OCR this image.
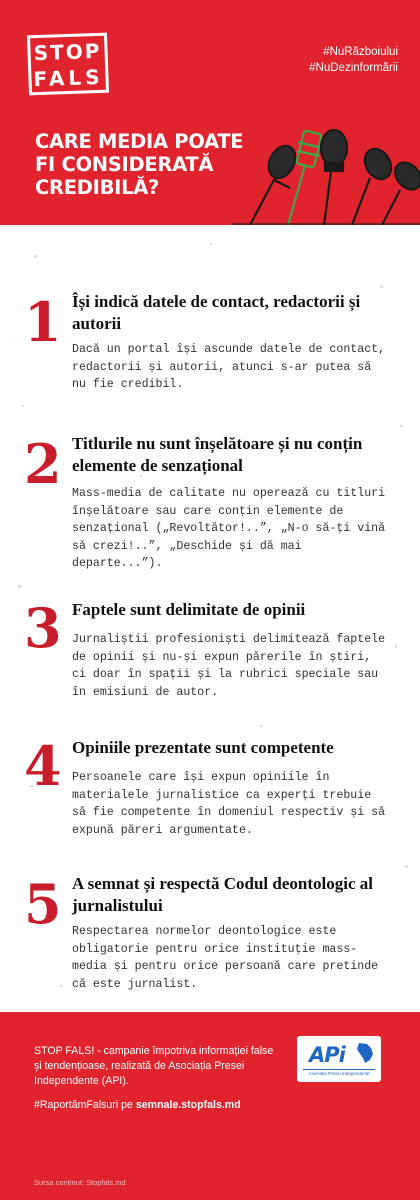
STOP
FALS
#NuRăzboiului
#NuDezinformării
CARE MEDIA POATE FI CONSIDERATĂ CREDIBILĂ?
1 Își indică datele de contact, redactorii și autorii
Dacă un portal își ascunde datele de contact, redactorii și autorii, atunci s-ar putea să nu fie credibil.
2 Titlurile nu sunt înșelătoare și nu conțin elemente de senzațional
Mass-media de calitate nu operează cu titluri înșelătoare sau care conțin elemente de senzațional („Revoltător!..”, „N-o să-ți vină să crezi!..”, „Deschide și dă mai departe...”).
3 Faptele sunt delimitate de opinii
Jurnaliștii profesioniști delimitează faptele de opinii și nu-și expun părerile în știri, ci doar în spații și la rubrici speciale sau în emisiuni de autor.
4 Opiniile prezentate sunt competente
Persoanele care își expun opiniile în materialele jurnalistice ca experți trebuie să fie competente în domeniul respectiv și să expună păreri argumentate.
5 A semnat și respectă Codul deontologic al jurnalistului
Respectarea normelor deontologice este obligatorie pentru orice instituție mass-media și pentru orice persoană care pretinde că este jurnalist.
STOP FALS! - campanie împotriva informației false și tendențioase, realizată de Asociația Presei Independente (API).
#RaportămFalsuri pe semnale.stopfals.md
APi
Asociația Presei Independente
Sursa conținut: Stopfals.md
